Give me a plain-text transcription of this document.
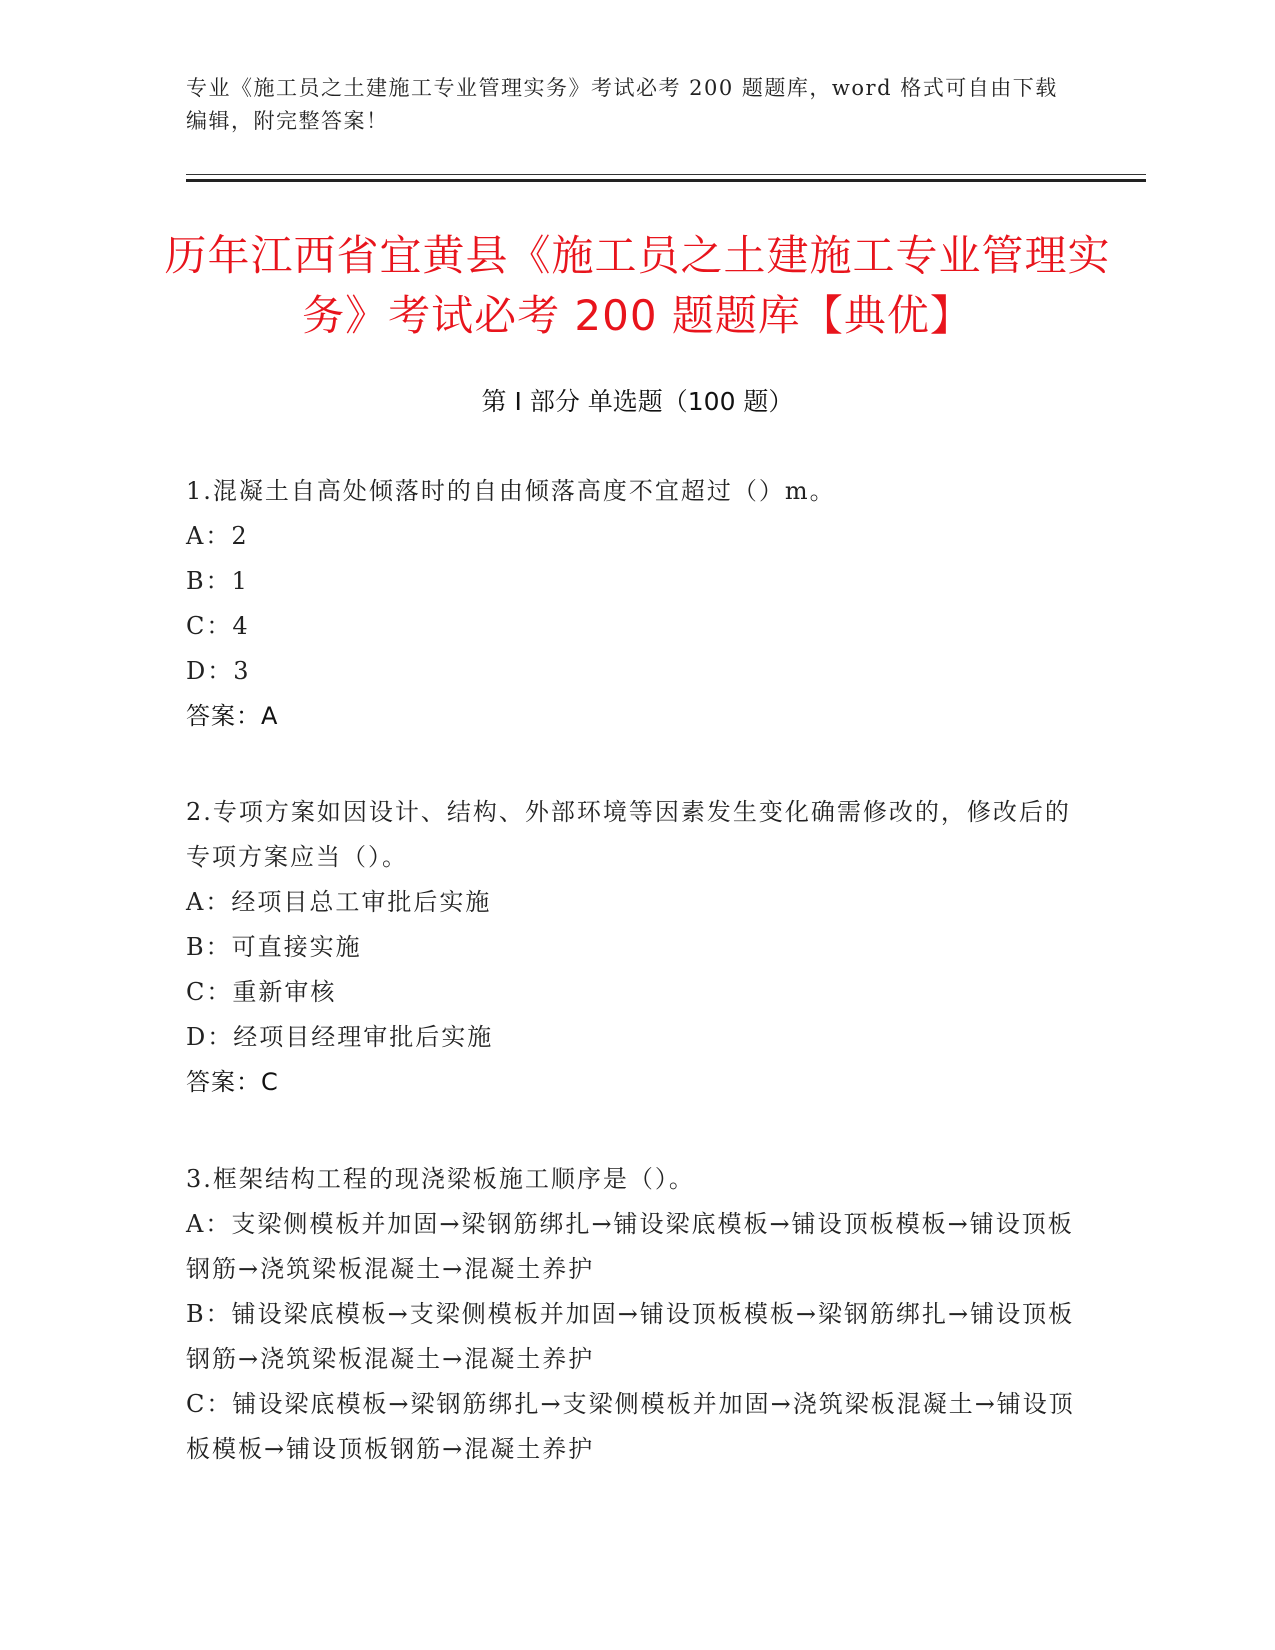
专业《施工员之土建施工专业管理实务》考试必考 200 题题库，word 格式可自由下载编辑，附完整答案！
历年江西省宜黄县《施工员之土建施工专业管理实务》考试必考 200 题题库【典优】
第 I 部分 单选题（100 题）
1.混凝土自高处倾落时的自由倾落高度不宜超过（）m。
A：2
B：1
C：4
D：3
答案：A
2.专项方案如因设计、结构、外部环境等因素发生变化确需修改的，修改后的专项方案应当（）。
A：经项目总工审批后实施
B：可直接实施
C：重新审核
D：经项目经理审批后实施
答案：C
3.框架结构工程的现浇梁板施工顺序是（）。
A：支梁侧模板并加固→梁钢筋绑扎→铺设梁底模板→铺设顶板模板→铺设顶板钢筋→浇筑梁板混凝土→混凝土养护
B：铺设梁底模板→支梁侧模板并加固→铺设顶板模板→梁钢筋绑扎→铺设顶板钢筋→浇筑梁板混凝土→混凝土养护
C：铺设梁底模板→梁钢筋绑扎→支梁侧模板并加固→浇筑梁板混凝土→铺设顶板模板→铺设顶板钢筋→混凝土养护
